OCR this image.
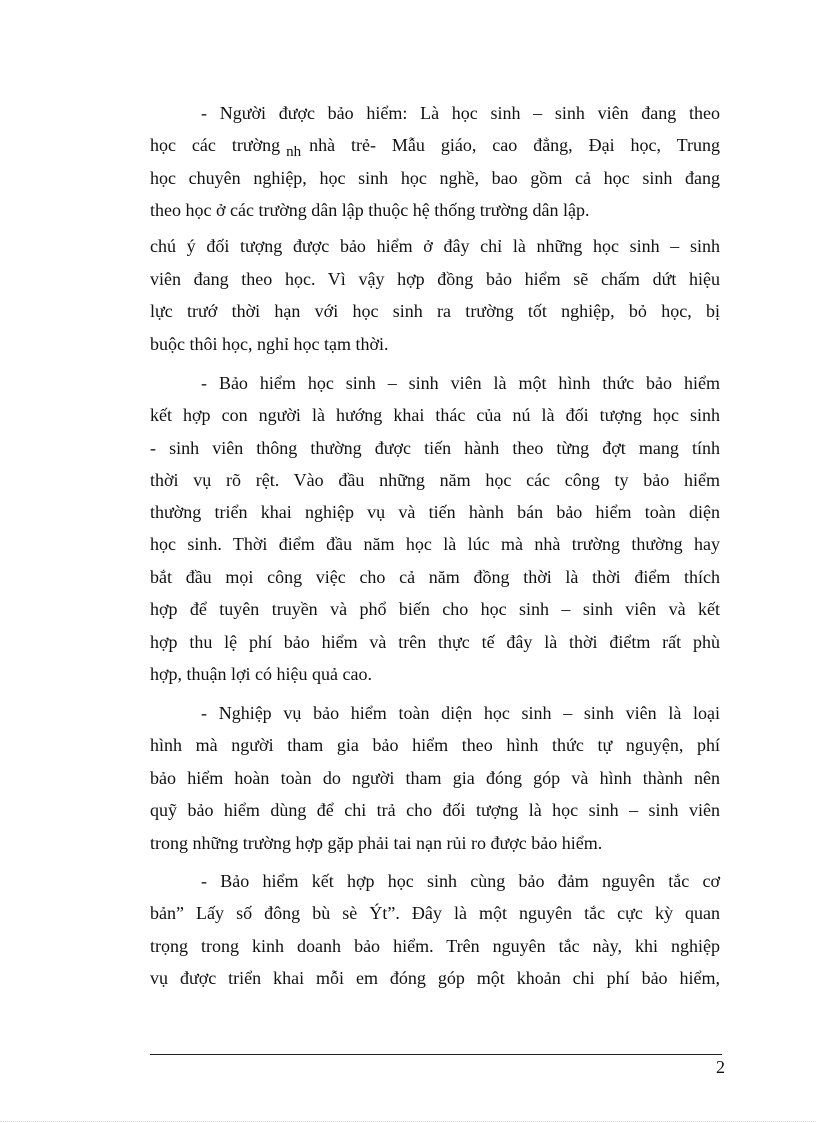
- Người được bảo hiểm: Là học sinh – sinh viên đang theo
học các trường $_{nh}$ nhà trẻ- Mẫu giáo, cao đẳng, Đại học, Trung
học chuyên nghiệp, học sinh học nghề, bao gồm cả học sinh đang
theo học ở các trường dân lập thuộc hệ thống trường dân lập.
chú ý đối tượng được bảo hiểm ở đây chỉ là những học sinh – sinh
viên đang theo học. Vì vậy hợp đồng bảo hiểm sẽ chấm dứt hiệu
lực trướ thời hạn với học sinh ra trường tốt nghiệp, bỏ học, bị
buộc thôi học, nghỉ học tạm thời.
- Bảo hiểm học sinh – sinh viên là một hình thức bảo hiểm
kết hợp con người là hướng khai thác của nú là đối tượng học sinh
- sinh viên thông thường được tiến hành theo từng đợt mang tính
thời vụ rõ rệt. Vào đầu những năm học các công ty bảo hiểm
thường triển khai nghiệp vụ và tiến hành bán bảo hiểm toàn diện
học sinh. Thời điểm đầu năm học là lúc mà nhà trường thường hay
bắt đầu mọi công việc cho cả năm đồng thời là thời điểm thích
hợp để tuyên truyền và phổ biến cho học sinh – sinh viên và kết
hợp thu lệ phí bảo hiểm và trên thực tế đây là thời điểtm rất phù
hợp, thuận lợi có hiệu quả cao.
- Nghiệp vụ bảo hiểm toàn diện học sinh – sinh viên là loại
hình mà người tham gia bảo hiểm theo hình thức tự nguyện, phí
bảo hiểm hoàn toàn do người tham gia đóng góp và hình thành nên
quỹ bảo hiểm dùng để chi trả cho đối tượng là học sinh – sinh viên
trong những trường hợp gặp phải tai nạn rủi ro được bảo hiểm.
- Bảo hiểm kết hợp học sinh cùng bảo đảm nguyên tắc cơ
bản” Lấy số đông bù sè Ýt”. Đây là một nguyên tắc cực kỳ quan
trọng trong kinh doanh bảo hiểm. Trên nguyên tắc này, khi nghiệp
vụ được triển khai mỗi em đóng góp một khoản chi phí bảo hiểm,
2
